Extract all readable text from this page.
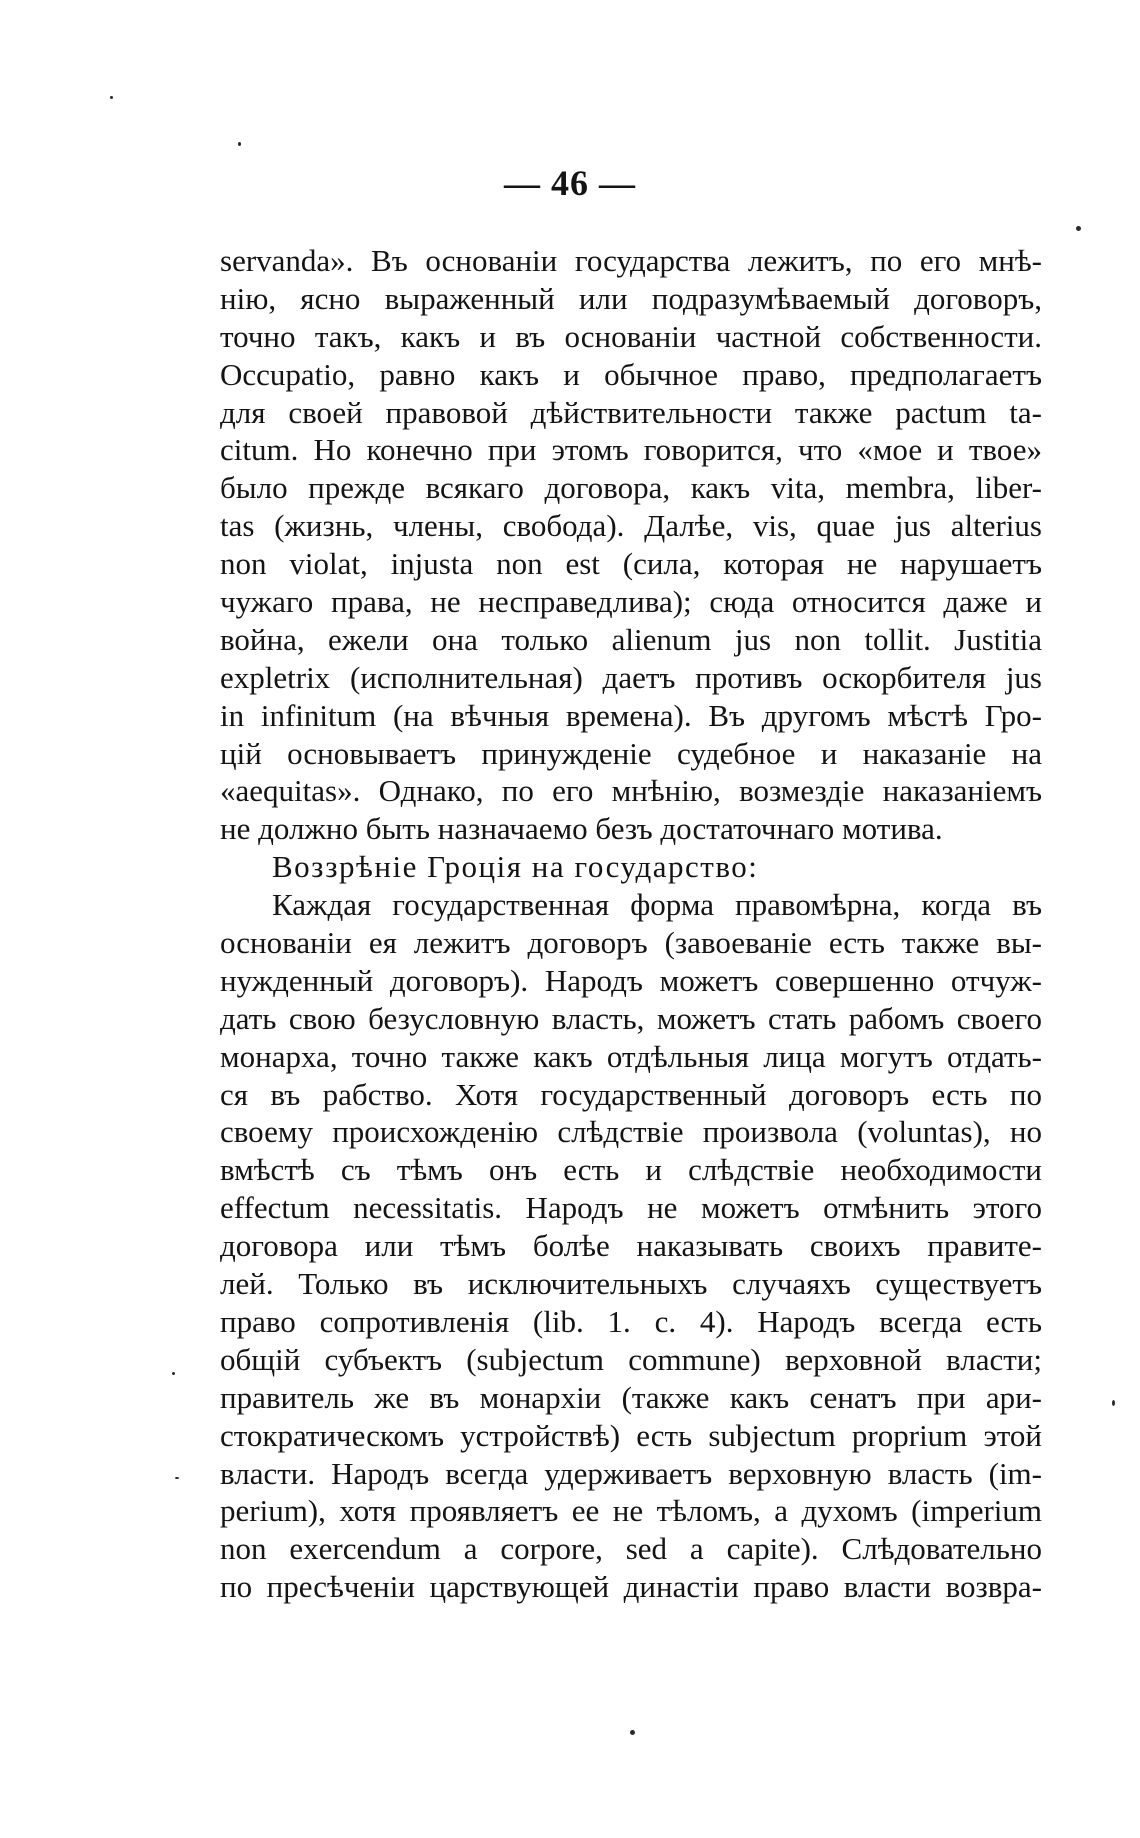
— 46 —

servanda». Въ основаніи государства лежитъ, по его мнѣ-

нію, ясно выраженный или подразумѣваемый договоръ,

точно такъ, какъ и въ основаніи частной собственности.

Occupatio, равно какъ и обычное право, предполагаетъ

для своей правовой дѣйствительности также pactum ta-

citum. Но конечно при этомъ говорится, что «мое и твое»

было прежде всякаго договора, какъ vita, membra, liber-

tas (жизнь, члены, свобода). Далѣе, vis, quae jus alterius

non violat, injusta non est (сила, которая не нарушаетъ

чужаго права, не несправедлива); сюда относится даже и

война, ежели она только alienum jus non tollit. Justitia

expletrix (исполнительная) даетъ противъ оскорбителя jus

in infinitum (на вѣчныя времена). Въ другомъ мѣстѣ Гро-

цій основываетъ принужденіе судебное и наказаніе на

«aequitas». Однако, по его мнѣнію, возмездіе наказаніемъ

не должно быть назначаемо безъ достаточнаго мотива.

Воззрѣніе Гроція на государство:

Каждая государственная форма правомѣрна, когда въ

основаніи ея лежитъ договоръ (завоеваніе есть также вы-

нужденный договоръ). Народъ можетъ совершенно отчуж-

дать свою безусловную власть, можетъ стать рабомъ своего

монарха, точно также какъ отдѣльныя лица могутъ отдать-

ся въ рабство. Хотя государственный договоръ есть по

своему происхожденію слѣдствіе произвола (voluntas), но

вмѣстѣ съ тѣмъ онъ есть и слѣдствіе необходимости

effectum necessitatis. Народъ не можетъ отмѣнить этого

договора или тѣмъ болѣе наказывать своихъ правите-

лей. Только въ исключительныхъ случаяхъ существуетъ

право сопротивленія (lib. 1. c. 4). Народъ всегда есть

общій субъектъ (subjectum commune) верховной власти;

правитель же въ монархіи (также какъ сенатъ при ари-

стократическомъ устройствѣ) есть subjectum proprium этой

власти. Народъ всегда удерживаетъ верховную власть (im-

perium), хотя проявляетъ ее не тѣломъ, а духомъ (imperium

non exercendum a corpore, sed a capite). Слѣдовательно

по пресѣченіи царствующей династіи право власти возвра-
